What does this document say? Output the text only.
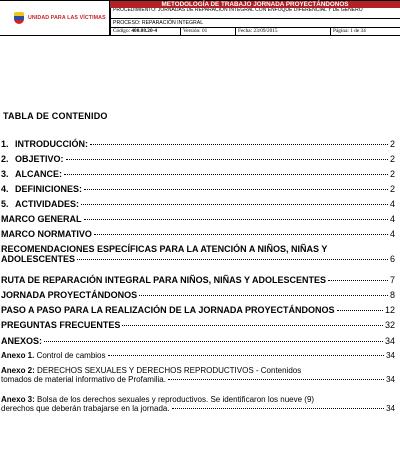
UNIDAD PARA LAS VÍCTIMAS
METODOLOGÍA DE TRABAJO JORNADA PROYECTÁNDONOS
PROCEDIMIENTO: JORNADAS DE REPARACIÓN INTEGRAL CON ENFOQUE DIFERENCIAL Y DE GÉNERO
PROCESO: REPARACIÓN INTEGRAL
Código: 400.08.20-4	Versión: 01	Fecha: 23/09/2015	Página: 1 de 34
TABLA DE CONTENIDO
1. INTRODUCCIÓN:	2
2. OBJETIVO:	2
3. ALCANCE:	2
4. DEFINICIONES:	2
5. ACTIVIDADES:	4
MARCO GENERAL	4
MARCO NORMATIVO	4
RECOMENDACIONES ESPECÍFICAS PARA LA ATENCIÓN A NIÑOS, NIÑAS Y
ADOLESCENTES	6
RUTA DE REPARACIÓN INTEGRAL PARA NIÑOS, NIÑAS Y ADOLESCENTES	7
JORNADA PROYECTÁNDONOS	8
PASO A PASO PARA LA REALIZACIÓN DE LA JORNADA PROYECTÁNDONOS	12
PREGUNTAS FRECUENTES	32
ANEXOS:	34
Anexo 1. Control de cambios	34
Anexo 2: DERECHOS SEXUALES Y DERECHOS REPRODUCTIVOS - Contenidos
tomados de material informativo de Profamilia.	34
Anexo 3: Bolsa de los derechos sexuales y reproductivos. Se identificaron los nueve (9)
derechos que deberán trabajarse en la jornada.	34
